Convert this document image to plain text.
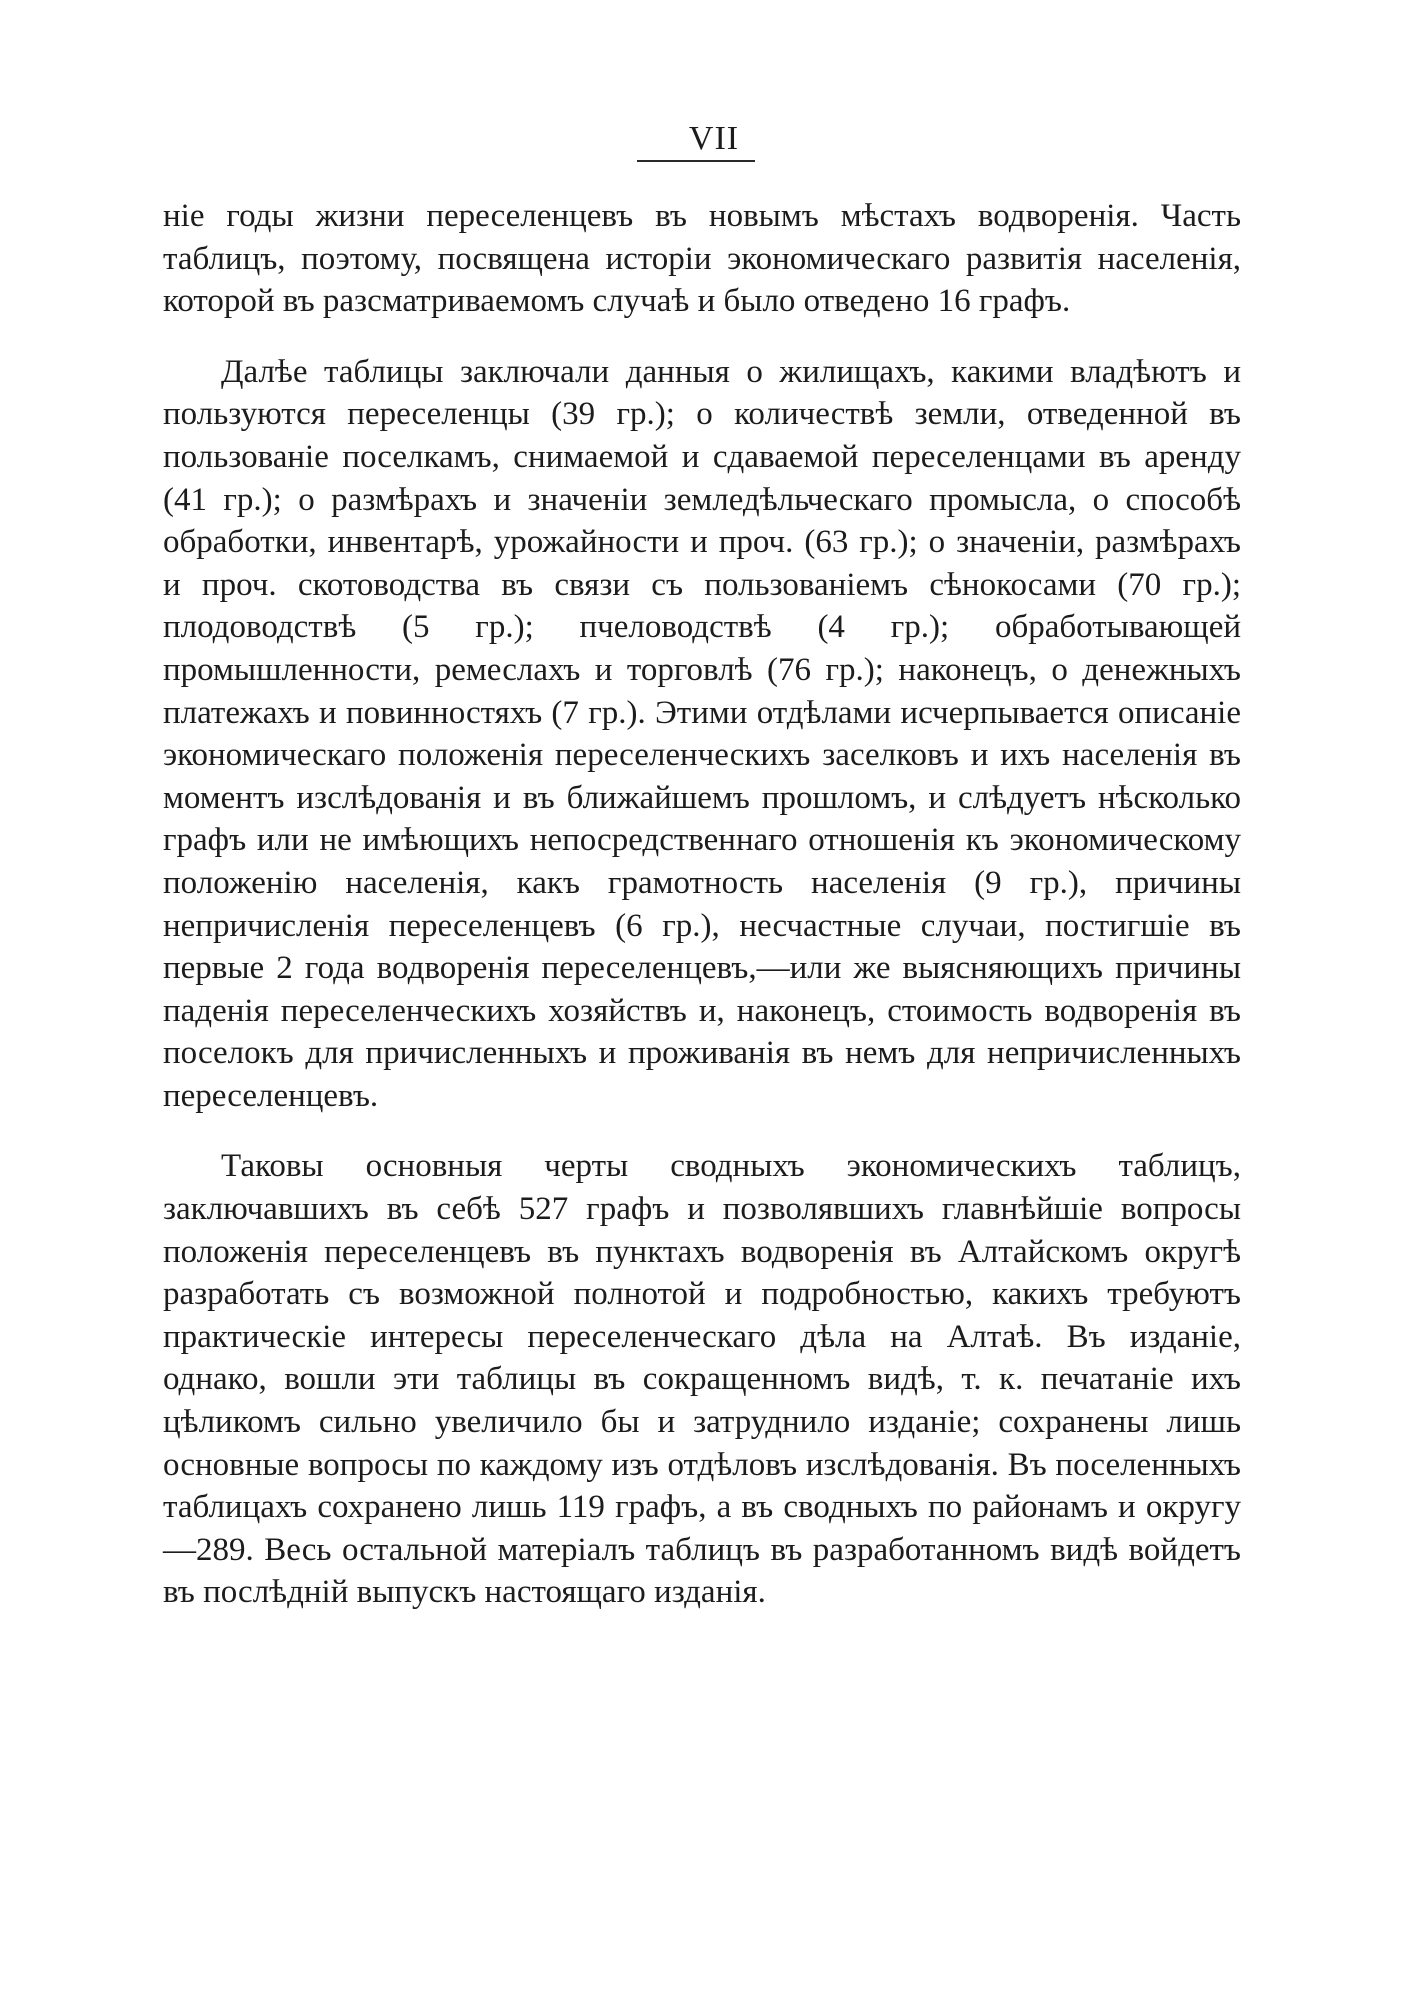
VII

ніе годы жизни переселенцевъ въ новымъ мѣстахъ водворенія. Часть таблицъ, поэтому, посвящена исторіи экономическаго развитія населенія, которой въ разсматриваемомъ случаѣ и было отведено 16 графъ.

Далѣе таблицы заключали данныя о жилищахъ, какими владѣютъ и пользуются переселенцы (39 гр.); о количествѣ земли, отведенной въ пользованіе поселкамъ, снимаемой и сдаваемой переселенцами въ аренду (41 гр.); о размѣрахъ и значеніи земледѣльческаго промысла, о способѣ обработки, инвентарѣ, урожайности и проч. (63 гр.); о значеніи, размѣрахъ и проч. скотоводства въ связи съ пользованіемъ сѣнокосами (70 гр.); плодоводствѣ (5 гр.); пчеловодствѣ (4 гр.); обработывающей промышленности, ремеслахъ и торговлѣ (76 гр.); наконецъ, о денежныхъ платежахъ и повинностяхъ (7 гр.). Этими отдѣлами исчерпывается описаніе экономическаго положенія переселенческихъ заселковъ и ихъ населенія въ моментъ изслѣдованія и въ ближайшемъ прошломъ, и слѣдуетъ нѣсколько графъ или не имѣющихъ непосредственнаго отношенія къ экономическому положенію населенія, какъ грамотность населенія (9 гр.), причины непричисленія переселенцевъ (6 гр.), несчастные случаи, постигшіе въ первые 2 года водворенія переселенцевъ,—или же выясняющихъ причины паденія переселенческихъ хозяйствъ и, наконецъ, стоимость водворенія въ поселокъ для причисленныхъ и проживанія въ немъ для непричисленныхъ переселенцевъ.

Таковы основныя черты сводныхъ экономическихъ таблицъ, заключавшихъ въ себѣ 527 графъ и позволявшихъ главнѣйшіе вопросы положенія переселенцевъ въ пунктахъ водворенія въ Алтайскомъ округѣ разработать съ возможной полнотой и подробностью, какихъ требуютъ практическіе интересы переселенческаго дѣла на Алтаѣ. Въ изданіе, однако, вошли эти таблицы въ сокращенномъ видѣ, т. к. печатаніе ихъ цѣликомъ сильно увеличило бы и затруднило изданіе; сохранены лишь основные вопросы по каждому изъ отдѣловъ изслѣдованія. Въ поселенныхъ таблицахъ сохранено лишь 119 графъ, а въ сводныхъ по районамъ и округу—289. Весь остальной матеріалъ таблицъ въ разработанномъ видѣ войдетъ въ послѣдній выпускъ настоящаго изданія.
